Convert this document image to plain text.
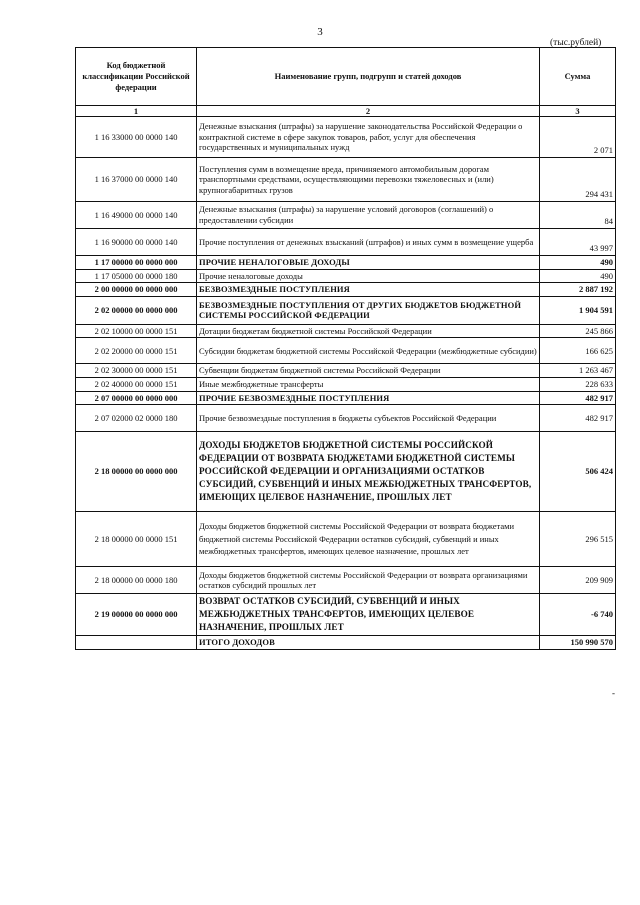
3
(тыс.рублей)
Код бюджетной классификации Российской федерации	Наименование групп, подгрупп и статей доходов	Сумма
1	2	3
1 16 33000 00 0000 140	Денежные взыскания (штрафы) за нарушение законодательства Российской Федерации о контрактной системе в сфере закупок товаров, работ, услуг для обеспечения государственных и муниципальных нужд	2 071
1 16 37000 00 0000 140	Поступления сумм в возмещение вреда, причиняемого автомобильным дорогам транспортными средствами, осуществляющими перевозки тяжеловесных и (или) крупногабаритных грузов	294 431
1 16 49000 00 0000 140	Денежные взыскания (штрафы) за нарушение условий договоров (соглашений) о предоставлении субсидии	84
1 16 90000 00 0000 140	Прочие поступления от денежных взысканий (штрафов) и иных сумм в возмещение ущерба	43 997
1 17 00000 00 0000 000	ПРОЧИЕ НЕНАЛОГОВЫЕ ДОХОДЫ	490
1 17 05000 00 0000 180	Прочие неналоговые доходы	490
2 00 00000 00 0000 000	БЕЗВОЗМЕЗДНЫЕ ПОСТУПЛЕНИЯ	2 887 192
2 02 00000 00 0000 000	БЕЗВОЗМЕЗДНЫЕ ПОСТУПЛЕНИЯ ОТ ДРУГИХ БЮДЖЕТОВ БЮДЖЕТНОЙ СИСТЕМЫ РОССИЙСКОЙ ФЕДЕРАЦИИ	1 904 591
2 02 10000 00 0000 151	Дотации бюджетам бюджетной системы Российской Федерации	245 866
2 02 20000 00 0000 151	Субсидии бюджетам бюджетной системы Российской Федерации (межбюджетные субсидии)	166 625
2 02 30000 00 0000 151	Субвенции бюджетам бюджетной системы Российской Федерации	1 263 467
2 02 40000 00 0000 151	Иные межбюджетные трансферты	228 633
2 07 00000 00 0000 000	ПРОЧИЕ БЕЗВОЗМЕЗДНЫЕ ПОСТУПЛЕНИЯ	482 917
2 07 02000 02 0000 180	Прочие безвозмездные поступления в бюджеты субъектов Российской Федерации	482 917
2 18 00000 00 0000 000	ДОХОДЫ БЮДЖЕТОВ БЮДЖЕТНОЙ СИСТЕМЫ РОССИЙСКОЙ ФЕДЕРАЦИИ ОТ ВОЗВРАТА БЮДЖЕТАМИ БЮДЖЕТНОЙ СИСТЕМЫ РОССИЙСКОЙ ФЕДЕРАЦИИ И ОРГАНИЗАЦИЯМИ ОСТАТКОВ СУБСИДИЙ, СУБВЕНЦИЙ И ИНЫХ МЕЖБЮДЖЕТНЫХ ТРАНСФЕРТОВ, ИМЕЮЩИХ ЦЕЛЕВОЕ НАЗНАЧЕНИЕ, ПРОШЛЫХ ЛЕТ	506 424
2 18 00000 00 0000 151	Доходы бюджетов бюджетной системы Российской Федерации от возврата бюджетами бюджетной системы Российской Федерации остатков субсидий, субвенций и иных межбюджетных трансфертов, имеющих целевое назначение, прошлых лет	296 515
2 18 00000 00 0000 180	Доходы бюджетов бюджетной системы Российской Федерации от возврата организациями остатков субсидий прошлых лет	209 909
2 19 00000 00 0000 000	ВОЗВРАТ ОСТАТКОВ СУБСИДИЙ, СУБВЕНЦИЙ И ИНЫХ МЕЖБЮДЖЕТНЫХ ТРАНСФЕРТОВ, ИМЕЮЩИХ ЦЕЛЕВОЕ НАЗНАЧЕНИЕ, ПРОШЛЫХ ЛЕТ	-6 740
	ИТОГО ДОХОДОВ	150 990 570
‑
